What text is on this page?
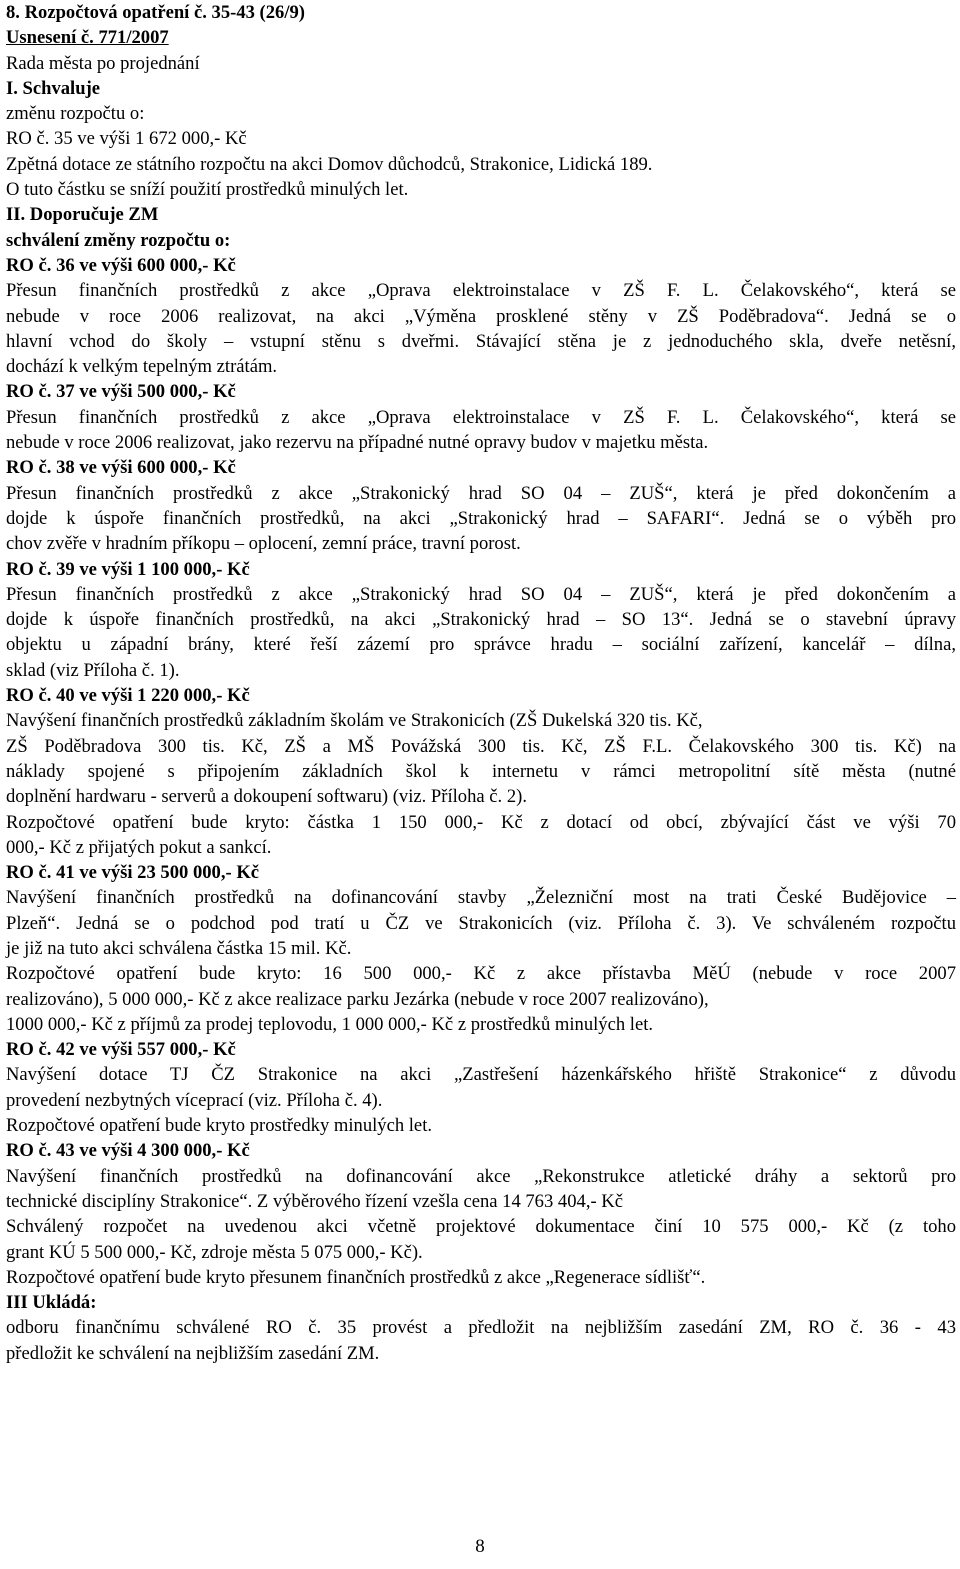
8. Rozpočtová opatření č. 35-43 (26/9)
Usnesení č. 771/2007
Rada města po projednání
I. Schvaluje
změnu rozpočtu o:
RO č. 35 ve výši 1 672 000,- Kč
Zpětná dotace ze státního rozpočtu na akci Domov důchodců, Strakonice, Lidická 189.
O tuto částku se sníží použití prostředků minulých let.
II. Doporučuje ZM
schválení změny rozpočtu o:
RO č. 36 ve výši 600 000,- Kč
Přesun finančních prostředků z akce „Oprava elektroinstalace v ZŠ F. L. Čelakovského“, která se
nebude v roce 2006 realizovat, na akci „Výměna prosklené stěny v ZŠ Poděbradova“. Jedná se o
hlavní vchod do školy – vstupní stěnu s dveřmi. Stávající stěna je z jednoduchého skla, dveře netěsní,
dochází k velkým tepelným ztrátám.
RO č. 37 ve výši 500 000,- Kč
Přesun finančních prostředků z akce „Oprava elektroinstalace v ZŠ F. L. Čelakovského“, která se
nebude v roce 2006 realizovat, jako rezervu na případné nutné opravy budov v majetku města.
RO č. 38 ve výši 600 000,- Kč
Přesun finančních prostředků z akce „Strakonický hrad SO 04 – ZUŠ“, která je před dokončením a
dojde k úspoře finančních prostředků, na akci „Strakonický hrad – SAFARI“. Jedná se o výběh pro
chov zvěře v hradním příkopu – oplocení, zemní práce, travní porost.
RO č. 39 ve výši 1 100 000,- Kč
Přesun finančních prostředků z akce „Strakonický hrad SO 04 – ZUŠ“, která je před dokončením a
dojde k úspoře finančních prostředků, na akci „Strakonický hrad – SO 13“. Jedná se o stavební úpravy
objektu u západní brány, které řeší zázemí pro správce hradu – sociální zařízení, kancelář – dílna,
sklad (viz Příloha č. 1).
RO č. 40 ve výši 1 220 000,- Kč
Navýšení finančních prostředků základním školám ve Strakonicích (ZŠ Dukelská 320 tis. Kč,
ZŠ Poděbradova 300 tis. Kč, ZŠ a MŠ Povážská 300 tis. Kč, ZŠ F.L. Čelakovského 300 tis. Kč) na
náklady spojené s připojením základních škol k internetu v rámci metropolitní sítě města (nutné
doplnění hardwaru - serverů a dokoupení softwaru) (viz. Příloha č. 2).
Rozpočtové opatření bude kryto: částka 1 150 000,- Kč z dotací od obcí, zbývající část ve výši 70
000,- Kč z přijatých pokut a sankcí.
RO č. 41 ve výši 23 500 000,- Kč
Navýšení finančních prostředků na dofinancování stavby „Železniční most na trati České Budějovice –
Plzeň“. Jedná se o podchod pod tratí u ČZ ve Strakonicích (viz. Příloha č. 3). Ve schváleném rozpočtu
je již na tuto akci schválena částka 15 mil. Kč.
Rozpočtové opatření bude kryto: 16 500 000,- Kč z akce přístavba MěÚ (nebude v roce 2007
realizováno), 5 000 000,- Kč z akce realizace parku Jezárka (nebude v roce 2007 realizováno),
1000 000,- Kč z příjmů za prodej teplovodu, 1 000 000,- Kč z prostředků minulých let.
RO č. 42 ve výši 557 000,- Kč
Navýšení dotace TJ ČZ Strakonice na akci „Zastřešení házenkářského hřiště Strakonice“ z důvodu
provedení nezbytných víceprací (viz. Příloha č. 4).
Rozpočtové opatření bude kryto prostředky minulých let.
RO č. 43 ve výši 4 300 000,- Kč
Navýšení finančních prostředků na dofinancování akce „Rekonstrukce atletické dráhy a sektorů pro
technické disciplíny Strakonice“. Z výběrového řízení vzešla cena 14 763 404,- Kč
Schválený rozpočet na uvedenou akci včetně projektové dokumentace činí 10 575 000,- Kč (z toho
grant KÚ 5 500 000,- Kč, zdroje města 5 075 000,- Kč).
Rozpočtové opatření bude kryto přesunem finančních prostředků z akce „Regenerace sídlišť“.
III Ukládá:
odboru finančnímu schválené RO č. 35 provést a předložit na nejbližším zasedání ZM, RO č. 36 - 43
předložit ke schválení na nejbližším zasedání ZM.
8
